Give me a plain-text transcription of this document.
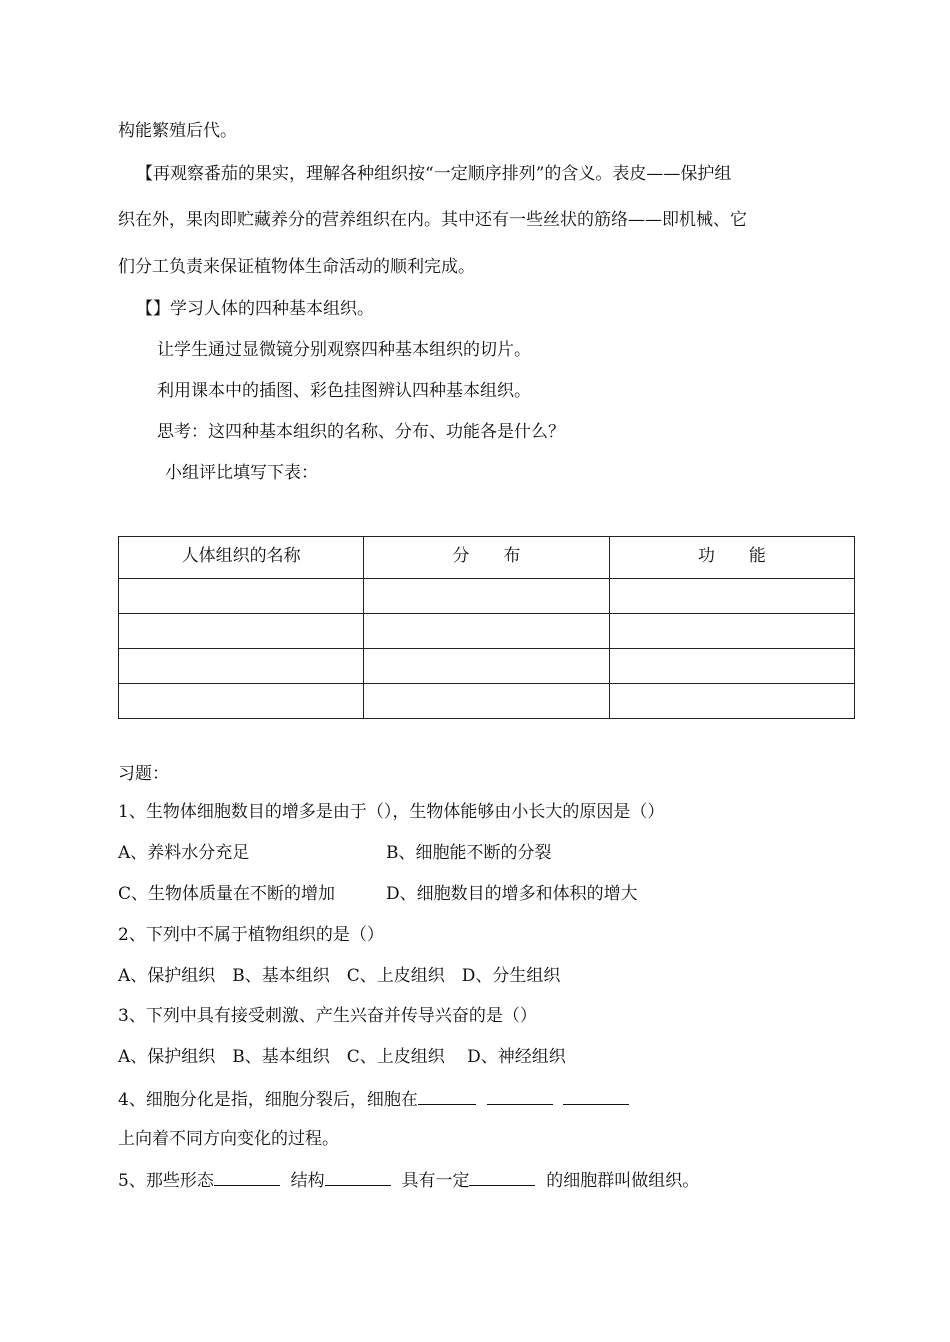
构能繁殖后代。
【再观察番茄的果实，理解各种组织按“一定顺序排列”的含义。表皮——保护组
织在外，果肉即贮藏养分的营养组织在内。其中还有一些丝状的筋络——即机械、它
们分工负责来保证植物体生命活动的顺利完成。
【】学习人体的四种基本组织。
让学生通过显微镜分别观察四种基本组织的切片。
利用课本中的插图、彩色挂图辨认四种基本组织。
思考：这四种基本组织的名称、分布、功能各是什么？
小组评比填写下表：
人体组织的名称	分　　布	功　　能

习题：
1、生物体细胞数目的增多是由于（），生物体能够由小长大的原因是（）
A、养料水分充足	B、细胞能不断的分裂
C、生物体质量在不断的增加	D、细胞数目的增多和体积的增大
2、下列中不属于植物组织的是（）
A、保护组织　B、基本组织　C、上皮组织　D、分生组织
3、下列中具有接受刺激、产生兴奋并传导兴奋的是（）
A、保护组织　B、基本组织　C、上皮组织　 D、神经组织
4、细胞分化是指，细胞分裂后，细胞在
上向着不同方向变化的过程。
5、那些形态	结构	具有一定	的细胞群叫做组织。
